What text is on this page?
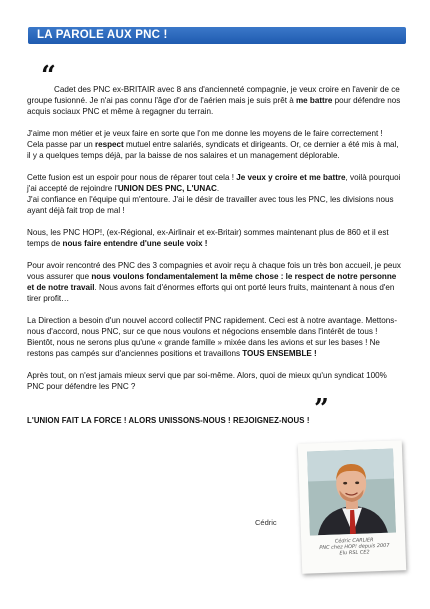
LA PAROLE AUX PNC !
“

Cadet des PNC ex-BRITAIR avec 8 ans d'ancienneté compagnie, je veux croire en l'avenir de ce groupe fusionné. Je n'ai pas connu l'âge d'or de l'aérien mais je suis prêt à me battre pour défendre nos acquis sociaux PNC et même à regagner du terrain.

J'aime mon métier et je veux faire en sorte que l'on me donne les moyens de le faire correctement ! Cela passe par un respect mutuel entre salariés, syndicats et dirigeants. Or, ce dernier a été mis à mal, il y a quelques temps déjà, par la baisse de nos salaires et un management déplorable.

Cette fusion est un espoir pour nous de réparer tout cela ! Je veux y croire et me battre, voilà pourquoi j'ai accepté de rejoindre l'UNION DES PNC, L'UNAC.
J'ai confiance en l'équipe qui m'entoure. J'ai le désir de travailler avec tous les PNC, les divisions nous ayant déjà fait trop de mal !

Nous, les PNC HOP!, (ex-Régional, ex-Airlinair et ex-Britair) sommes maintenant plus de 860 et il est temps de nous faire entendre d'une seule voix !

Pour avoir rencontré des PNC des 3 compagnies et avoir reçu à chaque fois un très bon accueil, je peux vous assurer que nous voulons fondamentalement la même chose : le respect de notre personne et de notre travail. Nous avons fait d'énormes efforts qui ont porté leurs fruits, maintenant à nous d'en tirer profit…

La Direction a besoin d'un nouvel accord collectif PNC rapidement. Ceci est à notre avantage. Mettons-nous d'accord, nous PNC, sur ce que nous voulons et négocions ensemble dans l'intérêt de tous ! Bientôt, nous ne serons plus qu'une « grande famille » mixée dans les avions et sur les bases ! Ne restons pas campés sur d'anciennes positions et travaillons TOUS ENSEMBLE !

Après tout, on n'est jamais mieux servi que par soi-même. Alors, quoi de mieux qu'un syndicat 100% PNC pour défendre les PNC ?

”
L'UNION FAIT LA FORCE ! ALORS UNISSONS-NOUS ! REJOIGNEZ-NOUS !
Cédric
Cédric CARLIER
PNC chez HOP! depuis 2007
Elu RSL CE2
